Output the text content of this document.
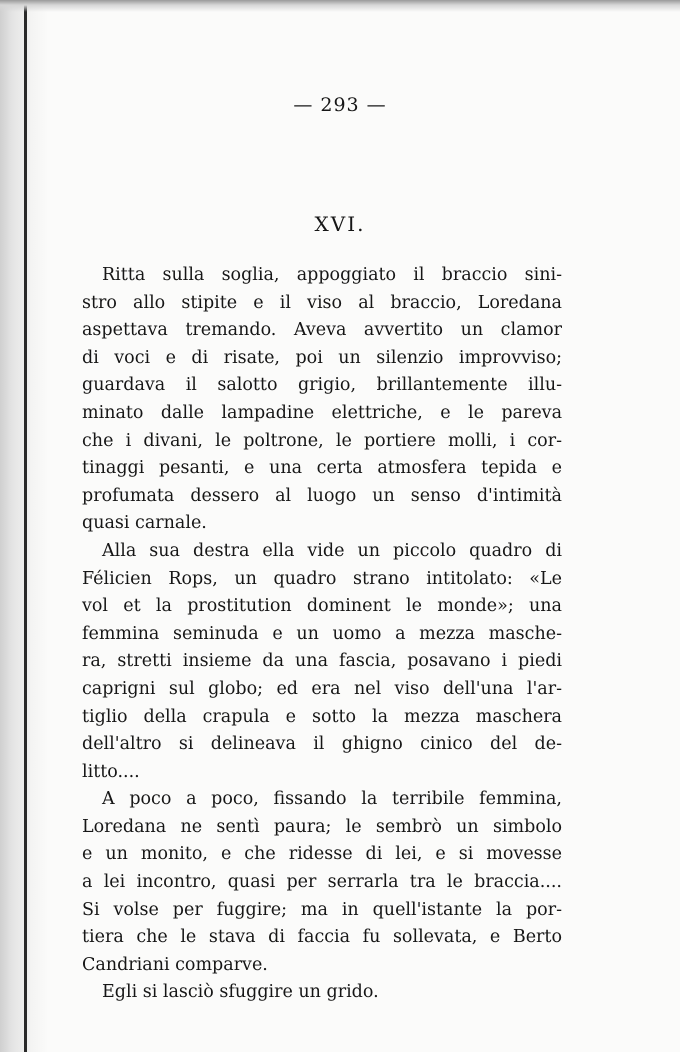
— 293 —
XVI.
Ritta sulla soglia, appoggiato il braccio sini-
stro allo stipite e il viso al braccio, Loredana
aspettava tremando. Aveva avvertito un clamor
di voci e di risate, poi un silenzio improvviso;
guardava il salotto grigio, brillantemente illu-
minato dalle lampadine elettriche, e le pareva
che i divani, le poltrone, le portiere molli, i cor-
tinaggi pesanti, e una certa atmosfera tepida e
profumata dessero al luogo un senso d'intimità
quasi carnale.
Alla sua destra ella vide un piccolo quadro di
Félicien Rops, un quadro strano intitolato: «Le
vol et la prostitution dominent le monde»; una
femmina seminuda e un uomo a mezza masche-
ra, stretti insieme da una fascia, posavano i piedi
caprigni sul globo; ed era nel viso dell'una l'ar-
tiglio della crapula e sotto la mezza maschera
dell'altro si delineava il ghigno cinico del de-
litto....
A poco a poco, fissando la terribile femmina,
Loredana ne sentì paura; le sembrò un simbolo
e un monito, e che ridesse di lei, e si movesse
a lei incontro, quasi per serrarla tra le braccia....
Si volse per fuggire; ma in quell'istante la por-
tiera che le stava di faccia fu sollevata, e Berto
Candriani comparve.
Egli si lasciò sfuggire un grido.
